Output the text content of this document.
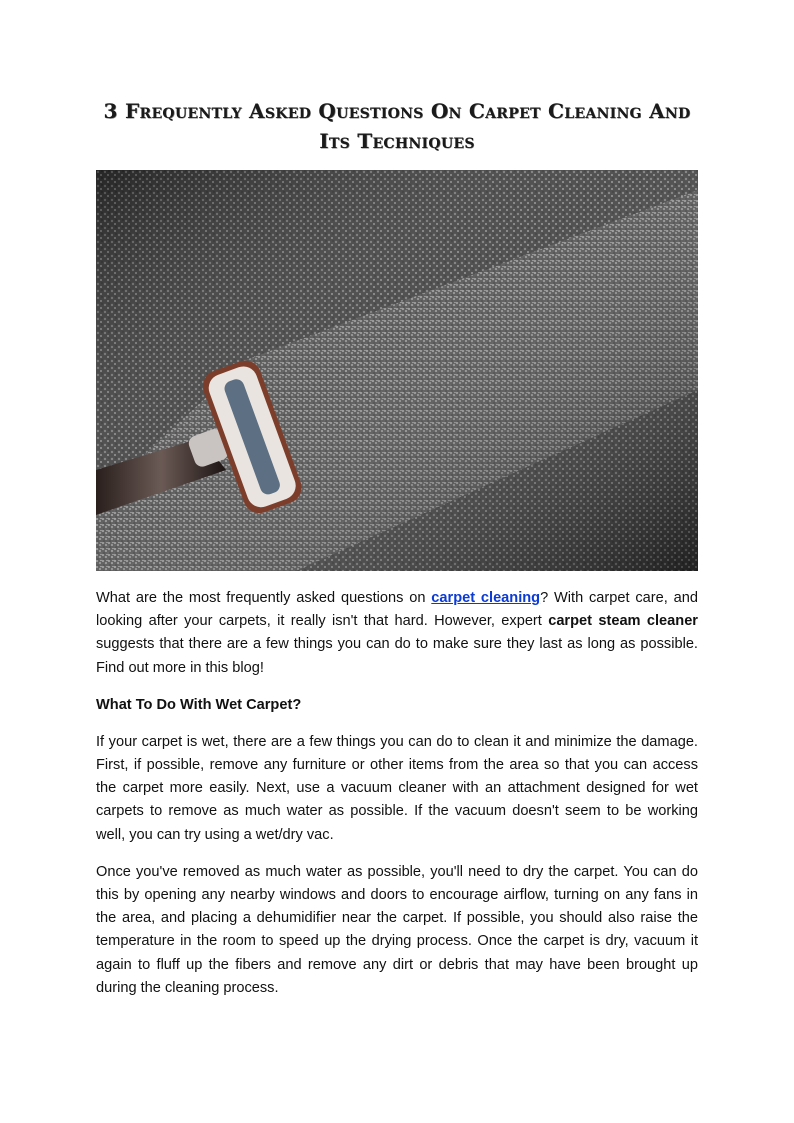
3 Frequently Asked Questions On Carpet Cleaning And Its Techniques

What are the most frequently asked questions on carpet cleaning? With carpet care, and looking after your carpets, it really isn't that hard. However, expert carpet steam cleaner suggests that there are a few things you can do to make sure they last as long as possible. Find out more in this blog!

What To Do With Wet Carpet?

If your carpet is wet, there are a few things you can do to clean it and minimize the damage. First, if possible, remove any furniture or other items from the area so that you can access the carpet more easily. Next, use a vacuum cleaner with an attachment designed for wet carpets to remove as much water as possible. If the vacuum doesn't seem to be working well, you can try using a wet/dry vac.

Once you've removed as much water as possible, you'll need to dry the carpet. You can do this by opening any nearby windows and doors to encourage airflow, turning on any fans in the area, and placing a dehumidifier near the carpet. If possible, you should also raise the temperature in the room to speed up the drying process. Once the carpet is dry, vacuum it again to fluff up the fibers and remove any dirt or debris that may have been brought up during the cleaning process.
